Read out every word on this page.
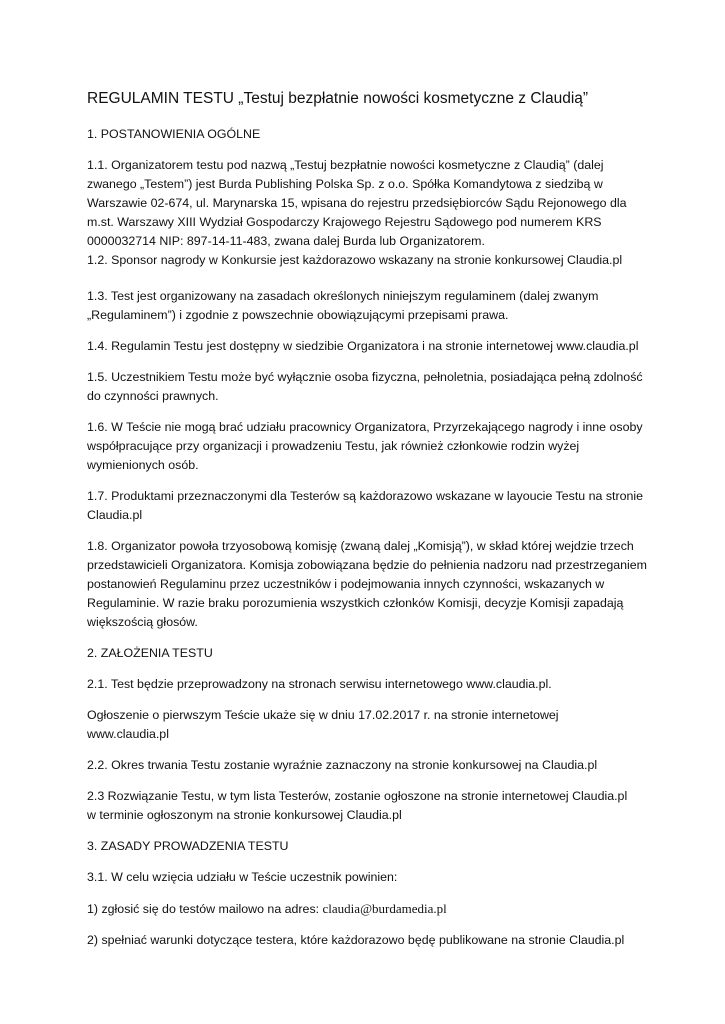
REGULAMIN TESTU „Testuj bezpłatnie nowości kosmetyczne z Claudią”

1. POSTANOWIENIA OGÓLNE

1.1. Organizatorem testu pod nazwą „Testuj bezpłatnie nowości kosmetyczne z Claudią” (dalej
zwanego „Testem”) jest Burda Publishing Polska Sp. z o.o. Spółka Komandytowa z siedzibą w
Warszawie 02-674, ul. Marynarska 15, wpisana do rejestru przedsiębiorców Sądu Rejonowego dla
m.st. Warszawy XIII Wydział Gospodarczy Krajowego Rejestru Sądowego pod numerem KRS
0000032714 NIP: 897-14-11-483, zwana dalej Burda lub Organizatorem.

1.2. Sponsor nagrody w Konkursie jest każdorazowo wskazany na stronie konkursowej Claudia.pl

1.3. Test jest organizowany na zasadach określonych niniejszym regulaminem (dalej zwanym
„Regulaminem”) i zgodnie z powszechnie obowiązującymi przepisami prawa.

1.4. Regulamin Testu jest dostępny w siedzibie Organizatora i na stronie internetowej www.claudia.pl

1.5. Uczestnikiem Testu może być wyłącznie osoba fizyczna, pełnoletnia, posiadająca pełną zdolność
do czynności prawnych.

1.6. W Teście nie mogą brać udziału pracownicy Organizatora, Przyrzekającego nagrody i inne osoby
współpracujące przy organizacji i prowadzeniu Testu, jak również członkowie rodzin wyżej
wymienionych osób.

1.7. Produktami przeznaczonymi dla Testerów są każdorazowo wskazane w layoucie Testu na stronie
Claudia.pl

1.8. Organizator powoła trzyosobową komisję (zwaną dalej „Komisją”), w skład której wejdzie trzech
przedstawicieli Organizatora. Komisja zobowiązana będzie do pełnienia nadzoru nad przestrzeganiem
postanowień Regulaminu przez uczestników i podejmowania innych czynności, wskazanych w
Regulaminie. W razie braku porozumienia wszystkich członków Komisji, decyzje Komisji zapadają
większością głosów.

2. ZAŁOŻENIA TESTU

2.1. Test będzie przeprowadzony na stronach serwisu internetowego www.claudia.pl.

Ogłoszenie o pierwszym Teście ukaże się w dniu 17.02.2017 r. na stronie internetowej
www.claudia.pl

2.2. Okres trwania Testu zostanie wyraźnie zaznaczony na stronie konkursowej na Claudia.pl

2.3 Rozwiązanie Testu, w tym lista Testerów, zostanie ogłoszone na stronie internetowej Claudia.pl
w terminie ogłoszonym na stronie konkursowej Claudia.pl

3. ZASADY PROWADZENIA TESTU

3.1. W celu wzięcia udziału w Teście uczestnik powinien:

1) zgłosić się do testów mailowo na adres: claudia@burdamedia.pl

2) spełniać warunki dotyczące testera, które każdorazowo będę publikowane na stronie Claudia.pl
